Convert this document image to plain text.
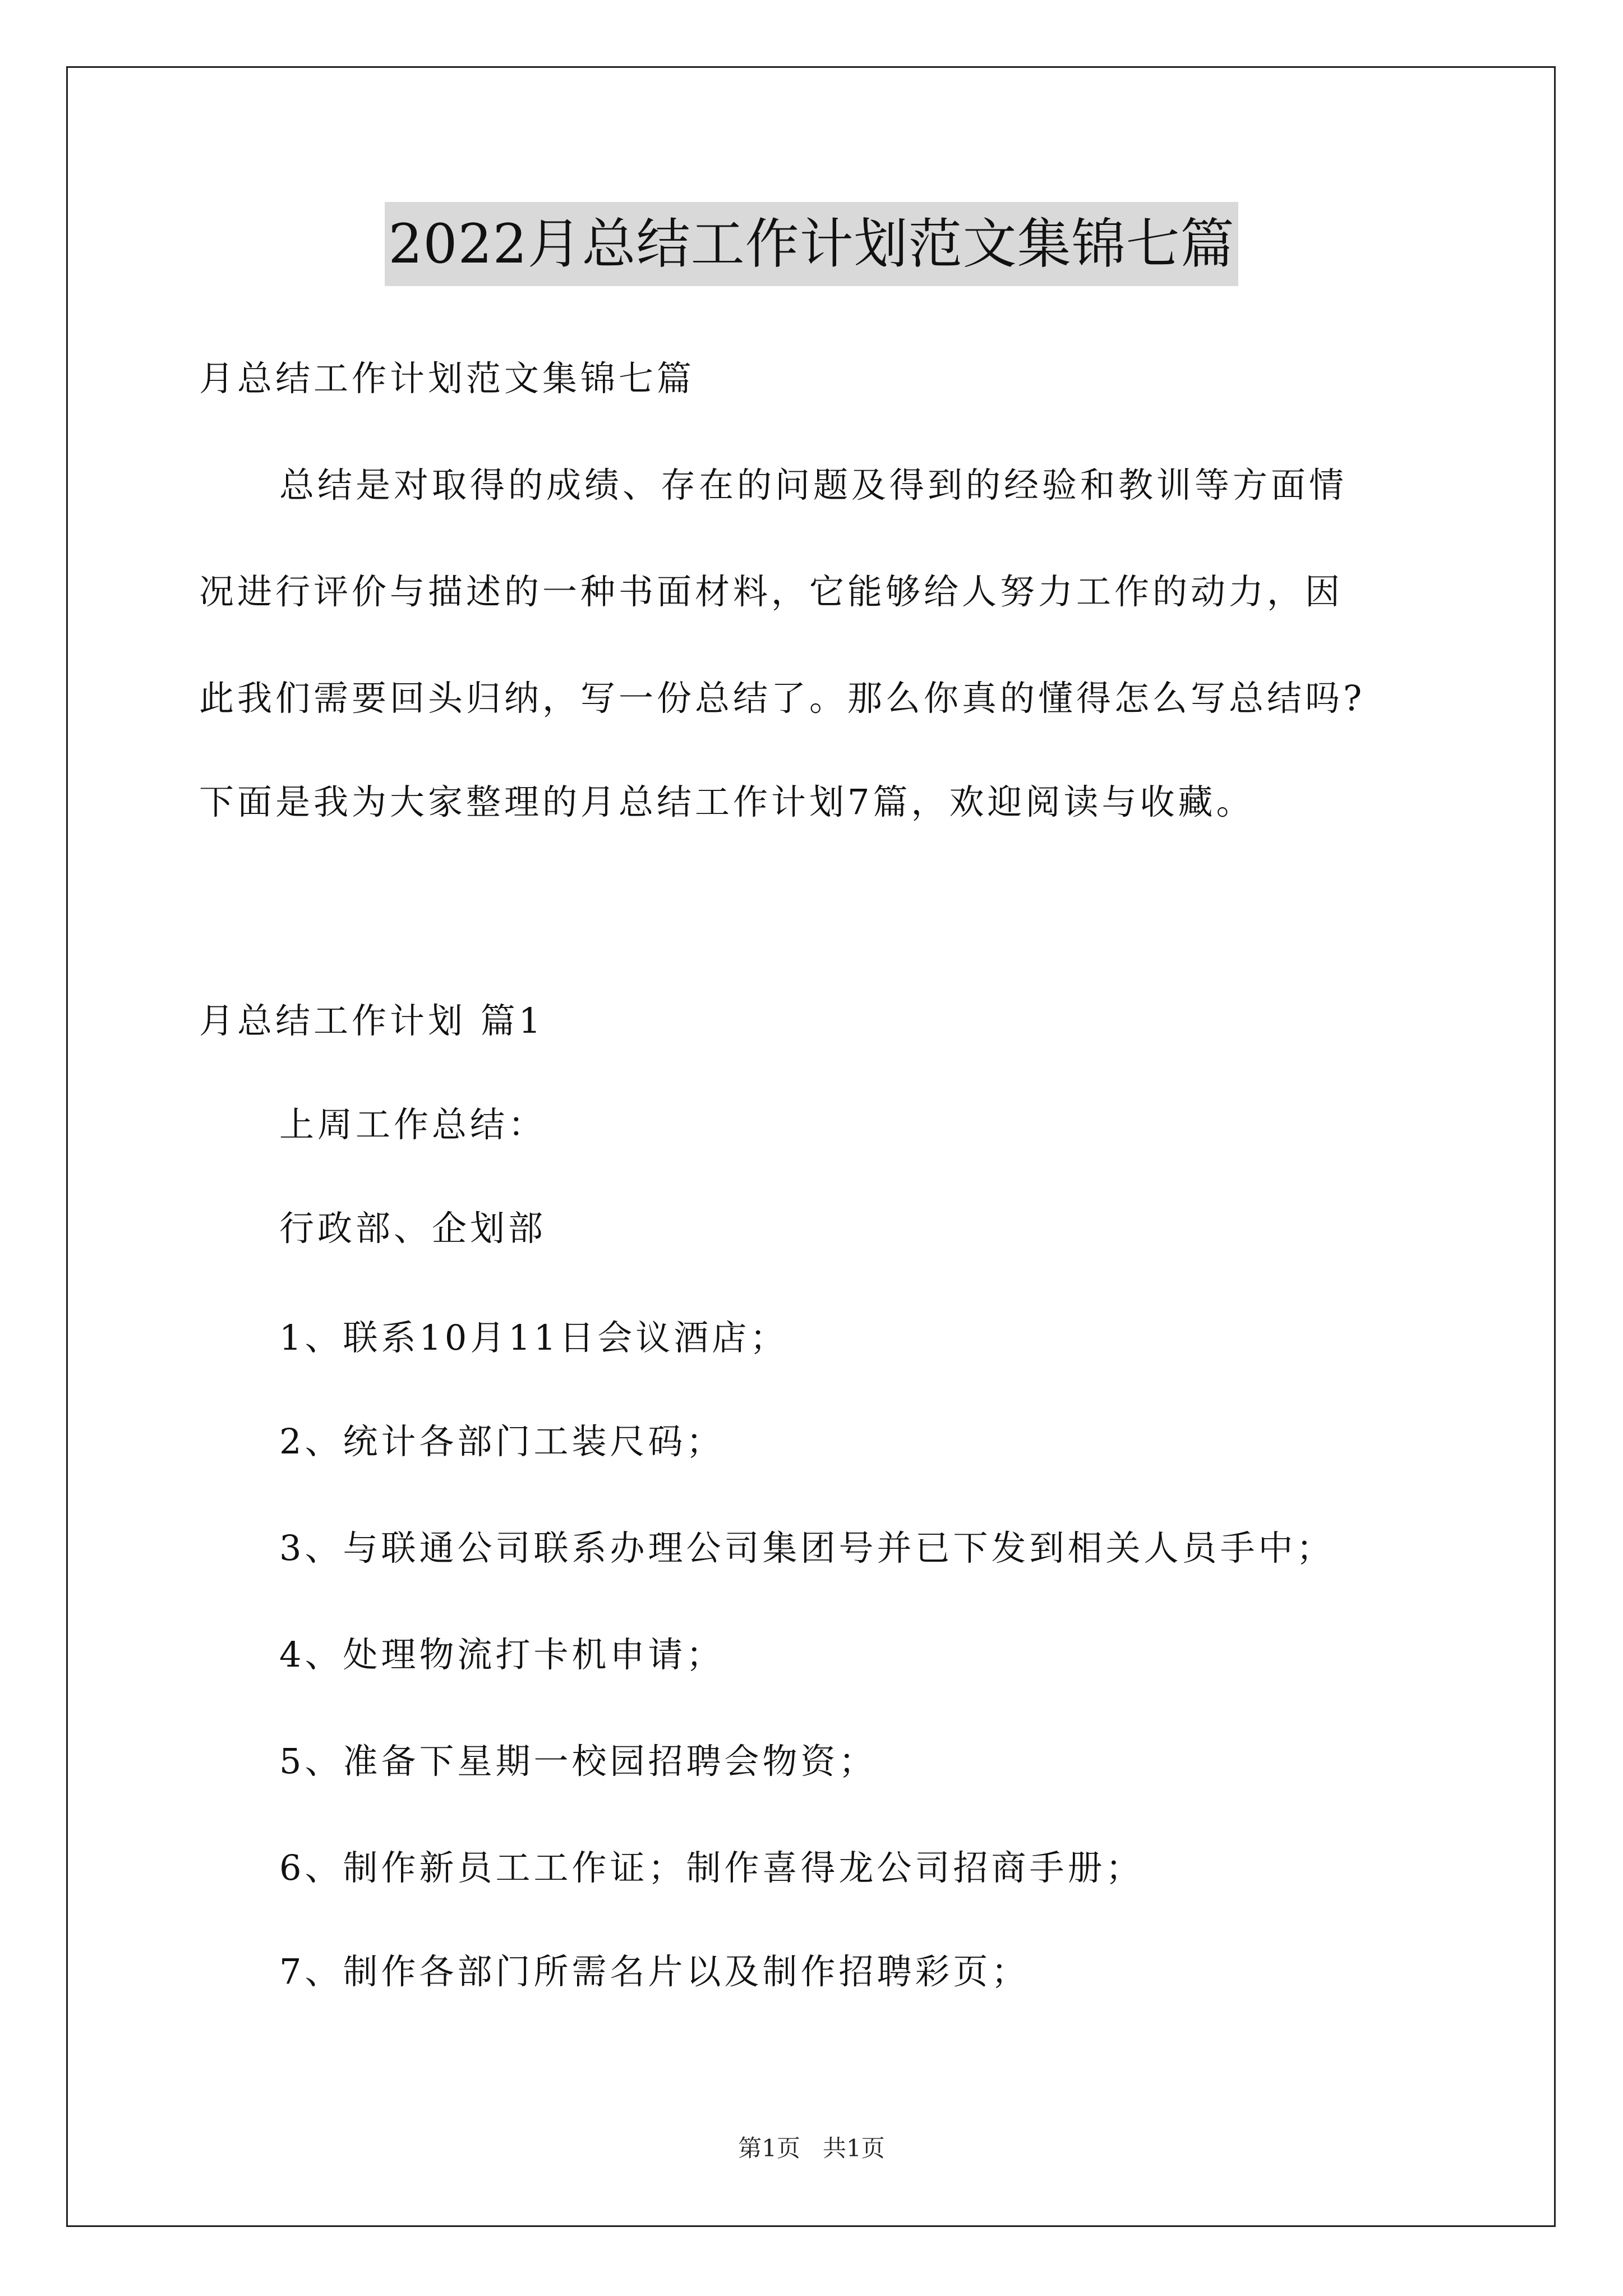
2022月总结工作计划范文集锦七篇
月总结工作计划范文集锦七篇
总结是对取得的成绩、存在的问题及得到的经验和教训等方面情
况进行评价与描述的一种书面材料，它能够给人努力工作的动力，因
此我们需要回头归纳，写一份总结了。那么你真的懂得怎么写总结吗?
下面是我为大家整理的月总结工作计划7篇，欢迎阅读与收藏。
月总结工作计划 篇1
上周工作总结：
行政部、企划部
1、联系10月11日会议酒店；
2、统计各部门工装尺码；
3、与联通公司联系办理公司集团号并已下发到相关人员手中；
4、处理物流打卡机申请；
5、准备下星期一校园招聘会物资；
6、制作新员工工作证；制作喜得龙公司招商手册；
7、制作各部门所需名片以及制作招聘彩页；
第1页 共1页
